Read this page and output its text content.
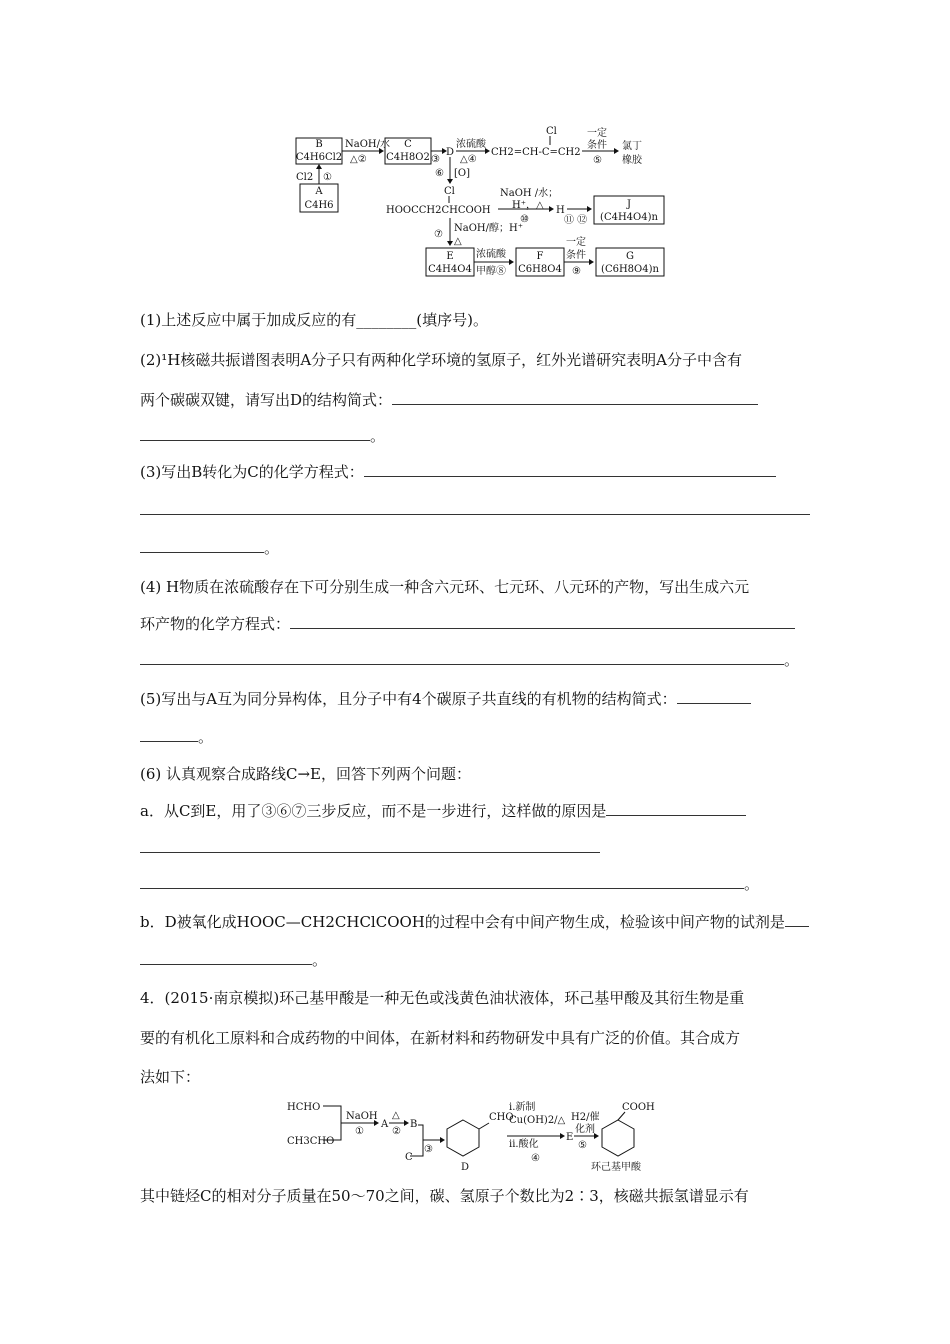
B
C4H6Cl2
A
C4H6
Cl2 ①
NaOH/水
△②
C
C4H8O2 ③
D
浓硫酸
△④
Cl
CH2=CH-C=CH2
一定
条件
⑤
氯丁
橡胶
⑥ [O]
Cl
HOOCCH2CHCOOH
NaOH /水；
H⁺，△
⑩
H
⑪ ⑫
J
(C4H4O4)n
⑦
NaOH/醇；H⁺
△
E
C4H4O4
浓硫酸
甲醇⑧
F
C6H8O4
一定
条件
⑨
G
(C6H8O4)n
(1)上述反应中属于加成反应的有________(填序号)。
(2)¹H核磁共振谱图表明A分子只有两种化学环境的氢原子，红外光谱研究表明A分子中含有
两个碳碳双键，请写出D的结构简式：
。
(3)写出B转化为C的化学方程式：
。
(4) H物质在浓硫酸存在下可分别生成一种含六元环、七元环、八元环的产物，写出生成六元
环产物的化学方程式：
。
(5)写出与A互为同分异构体，且分子中有4个碳原子共直线的有机物的结构简式：
。
(6) 认真观察合成路线C→E，回答下列两个问题：
a．从C到E，用了③⑥⑦三步反应，而不是一步进行，这样做的原因是
。
b．D被氧化成HOOC—CH2CHClCOOH的过程中会有中间产物生成，检验该中间产物的试剂是
。
4．(2015·南京模拟)环己基甲酸是一种无色或浅黄色油状液体，环己基甲酸及其衍生物是重
要的有机化工原料和合成药物的中间体，在新材料和药物研发中具有广泛的价值。其合成方
法如下：
HCHO
CH3CHO
NaOH
①
A
△
②
B
C
③
CHO
D
i.新制
Cu(OH)2/△
ii.酸化
④
E
H2/催
化剂
⑤
COOH
环己基甲酸
其中链烃C的相对分子质量在50～70之间，碳、氢原子个数比为2∶3，核磁共振氢谱显示有
